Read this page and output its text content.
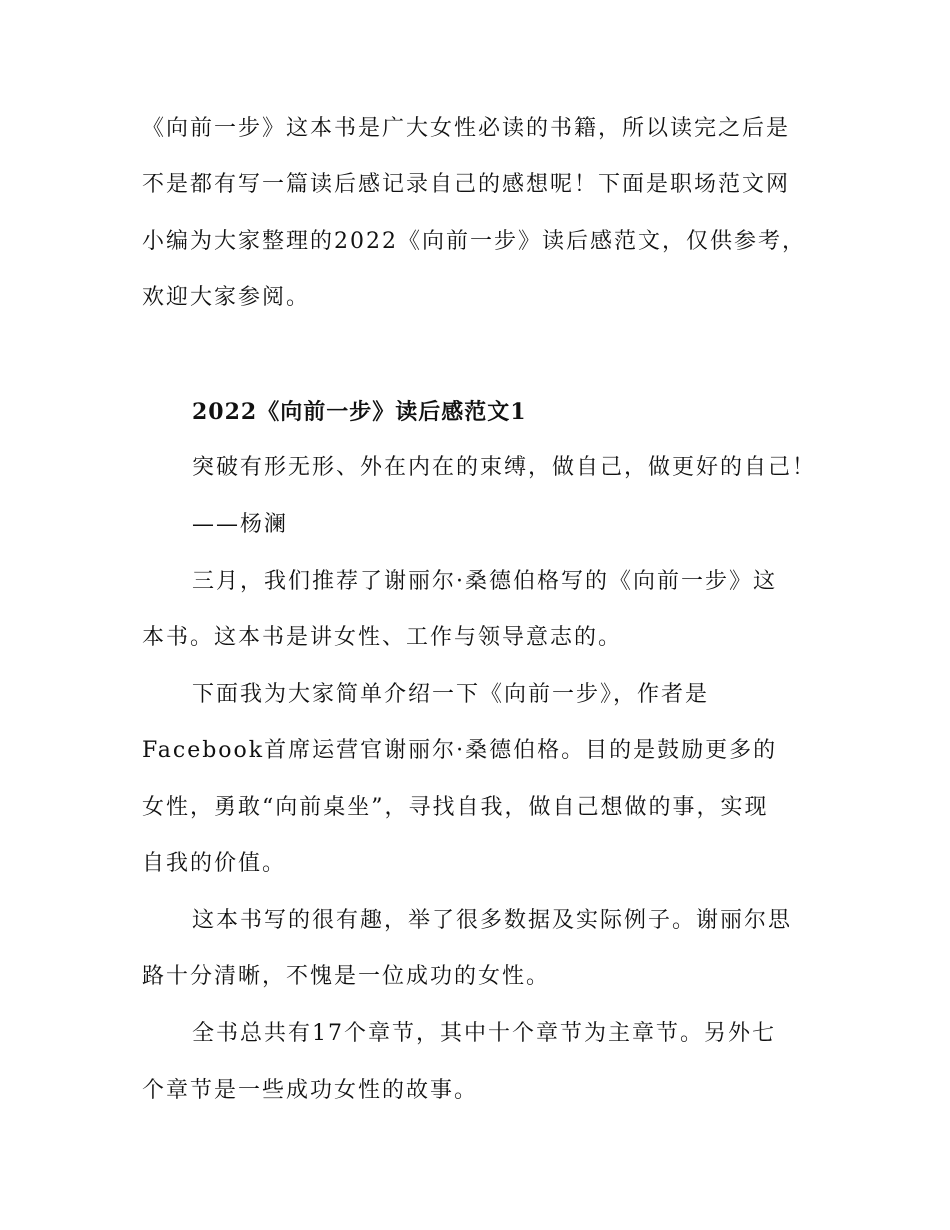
《向前一步》这本书是广大女性必读的书籍，所以读完之后是
不是都有写一篇读后感记录自己的感想呢！下面是职场范文网
小编为大家整理的2022《向前一步》读后感范文，仅供参考，
欢迎大家参阅。
2022《向前一步》读后感范文1
突破有形无形、外在内在的束缚，做自己，做更好的自己！
——杨澜
三月，我们推荐了谢丽尔·桑德伯格写的《向前一步》这
本书。这本书是讲女性、工作与领导意志的。
下面我为大家简单介绍一下《向前一步》，作者是
Facebook首席运营官谢丽尔·桑德伯格。目的是鼓励更多的
女性，勇敢“向前桌坐”，寻找自我，做自己想做的事，实现
自我的价值。
这本书写的很有趣，举了很多数据及实际例子。谢丽尔思
路十分清晰，不愧是一位成功的女性。
全书总共有17个章节，其中十个章节为主章节。另外七
个章节是一些成功女性的故事。
